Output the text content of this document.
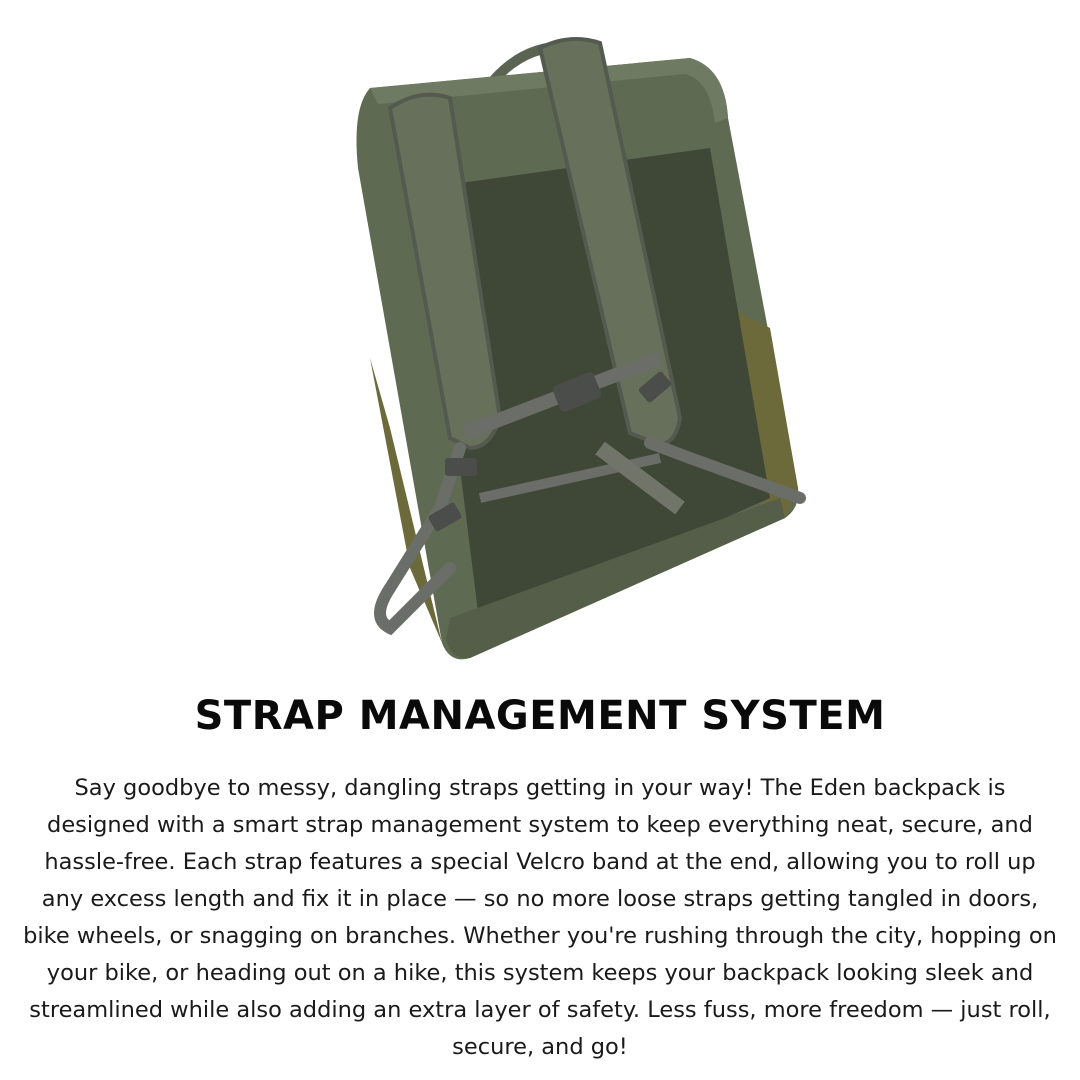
STRAP MANAGEMENT SYSTEM

Say goodbye to messy, dangling straps getting in your way! The Eden backpack is designed with a smart strap management system to keep everything neat, secure, and hassle-free. Each strap features a special Velcro band at the end, allowing you to roll up any excess length and fix it in place — so no more loose straps getting tangled in doors, bike wheels, or snagging on branches. Whether you're rushing through the city, hopping on your bike, or heading out on a hike, this system keeps your backpack looking sleek and streamlined while also adding an extra layer of safety. Less fuss, more freedom — just roll, secure, and go!
